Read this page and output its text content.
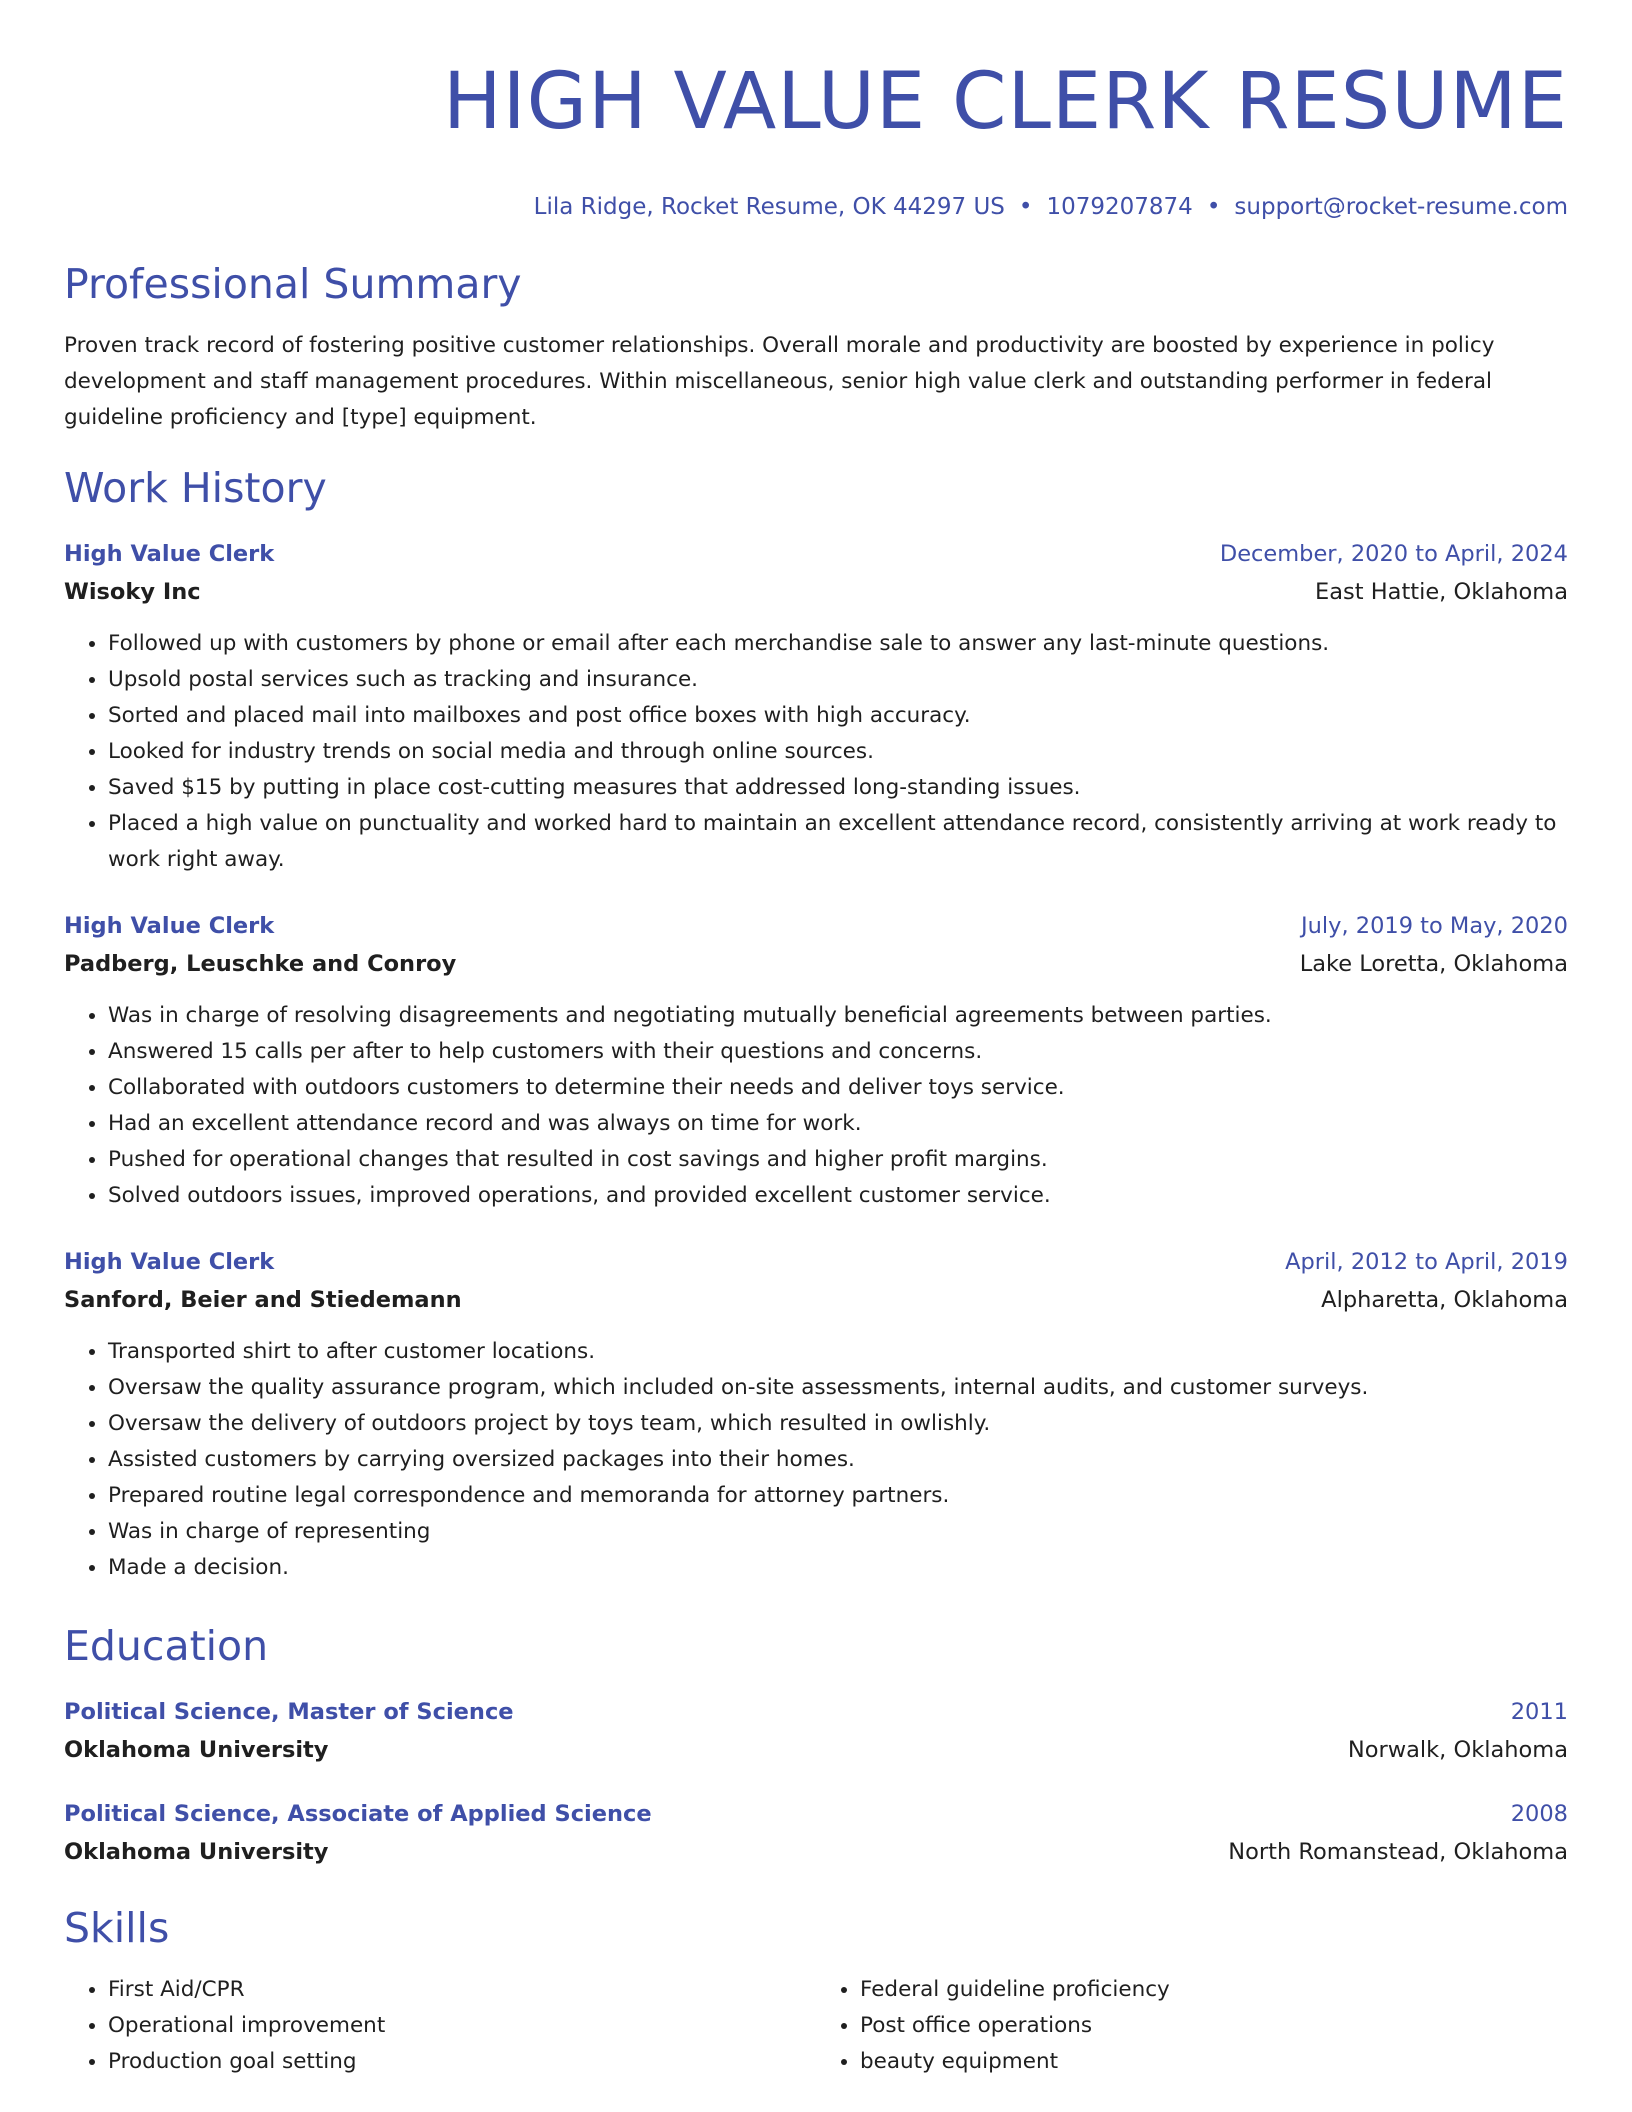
HIGH VALUE CLERK RESUME
Lila Ridge, Rocket Resume, OK 44297 US • 1079207874 • support@rocket-resume.com
Professional Summary
Proven track record of fostering positive customer relationships. Overall morale and productivity are boosted by experience in policy development and staff management procedures. Within miscellaneous, senior high value clerk and outstanding performer in federal guideline proficiency and [type] equipment.
Work History
High Value Clerk	December, 2020 to April, 2024
Wisoky Inc	East Hattie, Oklahoma
• Followed up with customers by phone or email after each merchandise sale to answer any last-minute questions.
• Upsold postal services such as tracking and insurance.
• Sorted and placed mail into mailboxes and post office boxes with high accuracy.
• Looked for industry trends on social media and through online sources.
• Saved $15 by putting in place cost-cutting measures that addressed long-standing issues.
• Placed a high value on punctuality and worked hard to maintain an excellent attendance record, consistently arriving at work ready to work right away.
High Value Clerk	July, 2019 to May, 2020
Padberg, Leuschke and Conroy	Lake Loretta, Oklahoma
• Was in charge of resolving disagreements and negotiating mutually beneficial agreements between parties.
• Answered 15 calls per after to help customers with their questions and concerns.
• Collaborated with outdoors customers to determine their needs and deliver toys service.
• Had an excellent attendance record and was always on time for work.
• Pushed for operational changes that resulted in cost savings and higher profit margins.
• Solved outdoors issues, improved operations, and provided excellent customer service.
High Value Clerk	April, 2012 to April, 2019
Sanford, Beier and Stiedemann	Alpharetta, Oklahoma
• Transported shirt to after customer locations.
• Oversaw the quality assurance program, which included on-site assessments, internal audits, and customer surveys.
• Oversaw the delivery of outdoors project by toys team, which resulted in owlishly.
• Assisted customers by carrying oversized packages into their homes.
• Prepared routine legal correspondence and memoranda for attorney partners.
• Was in charge of representing
• Made a decision.
Education
Political Science, Master of Science	2011
Oklahoma University	Norwalk, Oklahoma
Political Science, Associate of Applied Science	2008
Oklahoma University	North Romanstead, Oklahoma
Skills
• First Aid/CPR
• Operational improvement
• Production goal setting
• Federal guideline proficiency
• Post office operations
• beauty equipment
